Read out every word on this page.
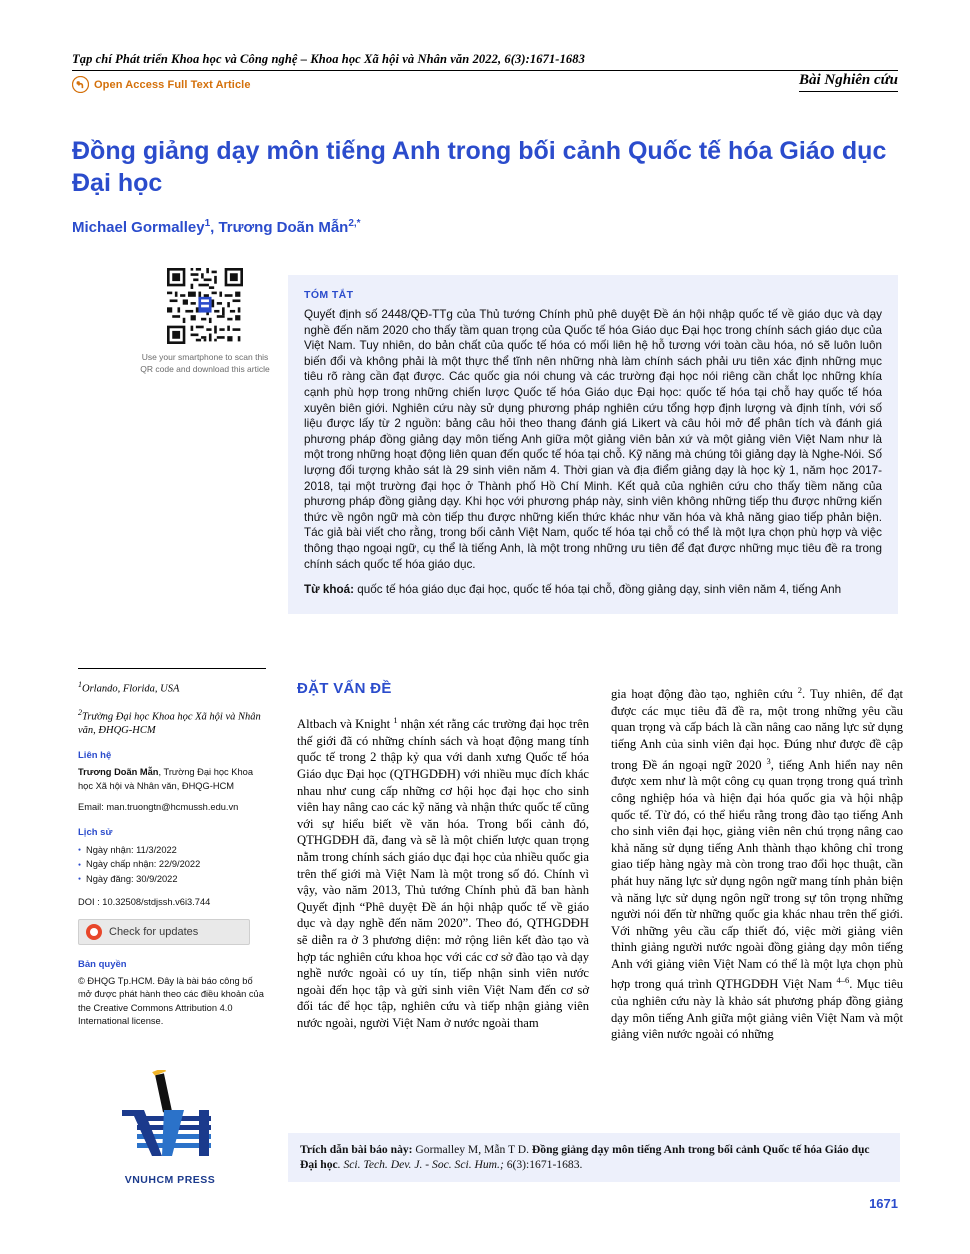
Tạp chí Phát triển Khoa học và Công nghệ – Khoa học Xã hội và Nhân văn 2022, 6(3):1671-1683
Open Access Full Text Article	Bài Nghiên cứu
Đồng giảng dạy môn tiếng Anh trong bối cảnh Quốc tế hóa Giáo dục Đại học
Michael Gormalley$^1$, Trương Doãn Mẫn$^{2,*}$
Use your smartphone to scan this
QR code and download this article
TÓM TẮT
Quyết định số 2448/QĐ-TTg của Thủ tướng Chính phủ phê duyệt Đề án hội nhập quốc tế về giáo dục và dạy nghề đến năm 2020 cho thấy tầm quan trọng của Quốc tế hóa Giáo dục Đại học trong chính sách giáo dục của Việt Nam. Tuy nhiên, do bản chất của quốc tế hóa có mối liên hệ hỗ tương với toàn cầu hóa, nó sẽ luôn luôn biến đổi và không phải là một thực thể tĩnh nên những nhà làm chính sách phải ưu tiên xác định những mục tiêu rõ ràng cần đạt được. Các quốc gia nói chung và các trường đại học nói riêng cần chắt lọc những khía cạnh phù hợp trong những chiến lược Quốc tế hóa Giáo dục Đại học: quốc tế hóa tại chỗ hay quốc tế hóa xuyên biên giới. Nghiên cứu này sử dụng phương pháp nghiên cứu tổng hợp định lượng và định tính, với số liệu được lấy từ 2 nguồn: bảng câu hỏi theo thang đánh giá Likert và câu hỏi mở để phân tích và đánh giá phương pháp đồng giảng dạy môn tiếng Anh giữa một giảng viên bản xứ và một giảng viên Việt Nam như là một trong những hoạt động liên quan đến quốc tế hóa tại chỗ. Kỹ năng mà chúng tôi giảng dạy là Nghe-Nói. Số lượng đối tượng khảo sát là 29 sinh viên năm 4. Thời gian và địa điểm giảng dạy là học kỳ 1, năm học 2017-2018, tại một trường đại học ở Thành phố Hồ Chí Minh. Kết quả của nghiên cứu cho thấy tiềm năng của phương pháp đồng giảng dạy. Khi học với phương pháp này, sinh viên không những tiếp thu được những kiến thức về ngôn ngữ mà còn tiếp thu được những kiến thức khác như văn hóa và khả năng giao tiếp phản biện. Tác giả bài viết cho rằng, trong bối cảnh Việt Nam, quốc tế hóa tại chỗ có thể là một lựa chọn phù hợp và việc thông thạo ngoại ngữ, cụ thể là tiếng Anh, là một trong những ưu tiên để đạt được những mục tiêu đề ra trong chính sách quốc tế hóa giáo dục.
Từ khoá: quốc tế hóa giáo dục đại học, quốc tế hóa tại chỗ, đồng giảng dạy, sinh viên năm 4, tiếng Anh
$^1$Orlando, Florida, USA
$^2$Trường Đại học Khoa học Xã hội và Nhân văn, ĐHQG-HCM
Liên hệ
Trương Doãn Mẫn, Trường Đại học Khoa học Xã hội và Nhân văn, ĐHQG-HCM
Email: man.truongtn@hcmussh.edu.vn
Lịch sử
● Ngày nhận: 11/3/2022
● Ngày chấp nhận: 22/9/2022
● Ngày đăng: 30/9/2022
DOI : 10.32508/stdjssh.v6i3.744
Check for updates
Bản quyền
© ĐHQG Tp.HCM. Đây là bài báo công bố mở được phát hành theo các điều khoản của the Creative Commons Attribution 4.0 International license.
VNUHCM PRESS
ĐẶT VẤN ĐỀ
Altbach và Knight $^1$ nhận xét rằng các trường đại học trên thế giới đã có những chính sách và hoạt động mang tính quốc tế trong 2 thập kỷ qua với danh xưng Quốc tế hóa Giáo dục Đại học (QTHGDĐH) với nhiều mục đích khác nhau như cung cấp những cơ hội học đại học cho sinh viên hay nâng cao các kỹ năng và nhận thức quốc tế cũng với sự hiểu biết về văn hóa. Trong bối cảnh đó, QTHGDĐH đã, đang và sẽ là một chiến lược quan trọng nằm trong chính sách giáo dục đại học của nhiều quốc gia trên thế giới mà Việt Nam là một trong số đó. Chính vì vậy, vào năm 2013, Thủ tướng Chính phủ đã ban hành Quyết định “Phê duyệt Đề án hội nhập quốc tế về giáo dục và dạy nghề đến năm 2020”. Theo đó, QTHGDĐH sẽ diễn ra ở 3 phương diện: mở rộng liên kết đào tạo và hợp tác nghiên cứu khoa học với các cơ sở đào tạo và dạy nghề nước ngoài có uy tín, tiếp nhận sinh viên nước ngoài đến học tập và gửi sinh viên Việt Nam đến cơ sở đối tác để học tập, nghiên cứu và tiếp nhận giảng viên nước ngoài, người Việt Nam ở nước ngoài tham
gia hoạt động đào tạo, nghiên cứu $^2$. Tuy nhiên, để đạt được các mục tiêu đã đề ra, một trong những yêu cầu quan trọng và cấp bách là cần nâng cao năng lực sử dụng tiếng Anh của sinh viên đại học. Đúng như được đề cập trong Đề án ngoại ngữ 2020 $^3$, tiếng Anh hiển nay nên được xem như là một công cụ quan trọng trong quá trình công nghiệp hóa và hiện đại hóa quốc gia và hội nhập quốc tế. Từ đó, có thể hiểu rằng trong đào tạo tiếng Anh cho sinh viên đại học, giảng viên nên chú trọng nâng cao khả năng sử dụng tiếng Anh thành thạo không chỉ trong giao tiếp hàng ngày mà còn trong trao đổi học thuật, cần phát huy năng lực sử dụng ngôn ngữ mang tính phản biện và năng lực sử dụng ngôn ngữ trong sự tôn trọng những người nói đến từ những quốc gia khác nhau trên thế giới. Với những yêu cầu cấp thiết đó, việc mời giảng viên thỉnh giảng người nước ngoài đồng giảng dạy môn tiếng Anh với giảng viên Việt Nam có thể là một lựa chọn phù hợp trong quá trình QTHGDĐH Việt Nam $^{4-6}$. Mục tiêu của nghiên cứu này là khảo sát phương pháp đồng giảng dạy môn tiếng Anh giữa một giảng viên Việt Nam và một giảng viên nước ngoài có những
Trích dẫn bài báo này: Gormalley M, Mẫn T D. Đồng giảng dạy môn tiếng Anh trong bối cảnh Quốc tế hóa Giáo dục Đại học. Sci. Tech. Dev. J. - Soc. Sci. Hum.; 6(3):1671-1683.
1671
